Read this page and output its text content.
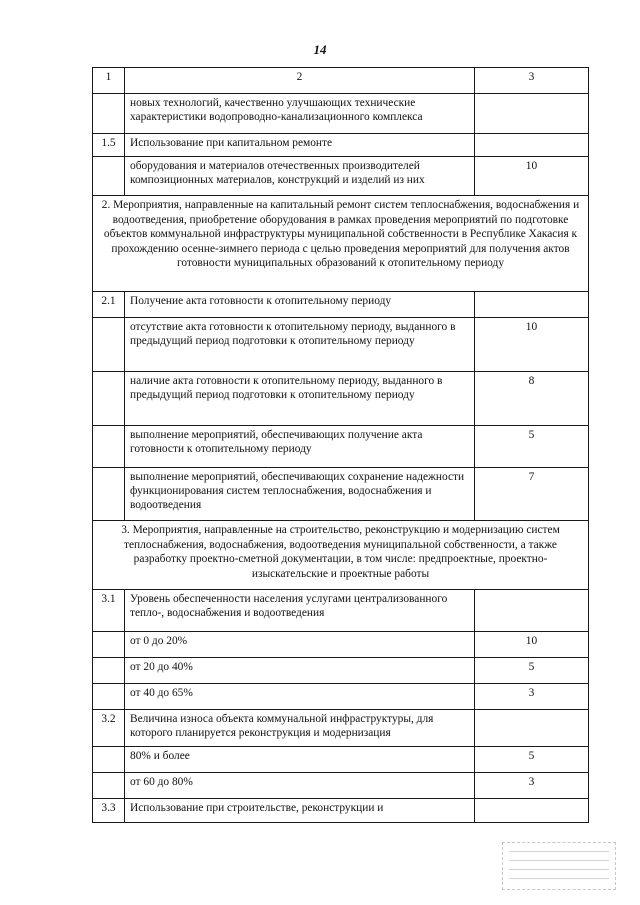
14
1	2	3
	новых технологий, качественно улучшающих технические характеристики водопроводно-канализационного комплекса	
1.5	Использование при капитальном ремонте	
	оборудования и материалов отечественных производителей композиционных материалов, конструкций и изделий из них	10
2. Мероприятия, направленные на капитальный ремонт систем теплоснабжения, водоснабжения и водоотведения, приобретение оборудования в рамках проведения мероприятий по подготовке объектов коммунальной инфраструктуры муниципальной собственности в Республике Хакасия к прохождению осенне-зимнего периода с целью проведения мероприятий для получения актов готовности муниципальных образований к отопительному периоду		
2.1	Получение акта готовности к отопительному периоду	
	отсутствие акта готовности к отопительному периоду, выданного в предыдущий период подготовки к отопительному периоду	10
	наличие акта готовности к отопительному периоду, выданного в предыдущий период подготовки к отопительному периоду	8
	выполнение мероприятий, обеспечивающих получение акта готовности к отопительному периоду	5
	выполнение мероприятий, обеспечивающих сохранение надежности функционирования систем теплоснабжения, водоснабжения и водоотведения	7
3. Мероприятия, направленные на строительство, реконструкцию и модернизацию систем теплоснабжения, водоснабжения, водоотведения муниципальной собственности, а также разработку проектно-сметной документации, в том числе: предпроектные, проектно-изыскательские и проектные работы		
3.1	Уровень обеспеченности населения услугами централизованного тепло-, водоснабжения и водоотведения	
	от 0 до 20%	10
	от 20 до 40%	5
	от 40 до 65%	3
3.2	Величина износа объекта коммунальной инфраструктуры, для которого планируется реконструкция и модернизация	
	80% и более	5
	от 60 до 80%	3
3.3	Использование при строительстве, реконструкции и	
